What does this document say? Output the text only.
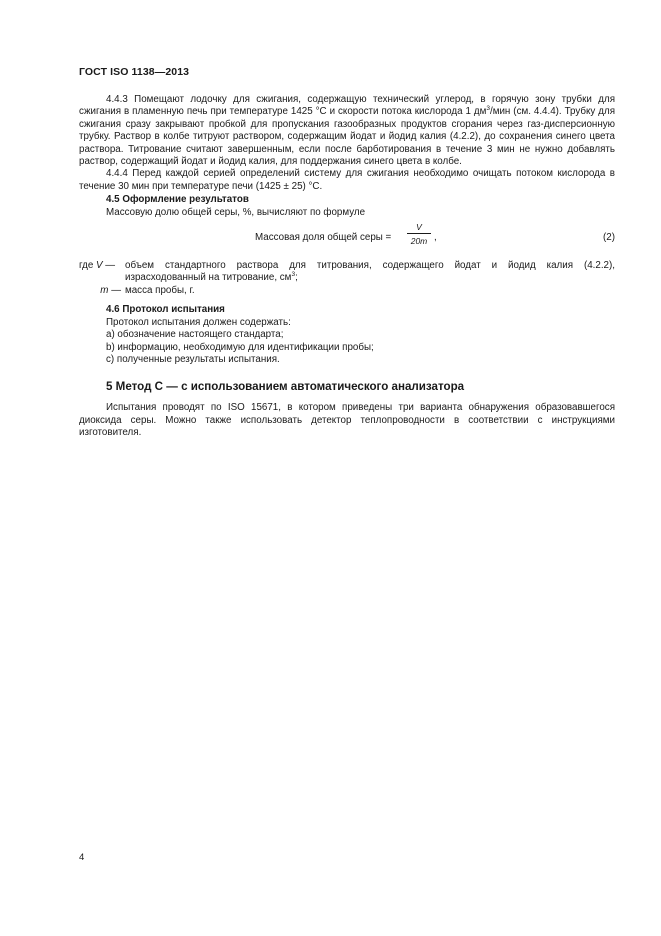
ГОСТ ISO 1138—2013

4.4.3 Помещают лодочку для сжигания, содержащую технический углерод, в горячую зону трубки для сжигания в пламенную печь при температуре 1425 °С и скорости потока кислорода 1 $дм^3$/мин (см. 4.4.4). Трубку для сжигания сразу закрывают пробкой для пропускания газообразных продуктов сгорания через газ-дисперсионную трубку. Раствор в колбе титруют раствором, содержащим йодат и йодид калия (4.2.2), до сохранения синего цвета раствора. Титрование считают завершенным, если после барботирования в течение 3 мин не нужно добавлять раствор, содержащий йодат и йодид калия, для поддержания синего цвета в колбе.

4.4.4 Перед каждой серией определений систему для сжигания необходимо очищать потоком кислорода в течение 30 мин при температуре печи (1425 ± 25) °С.

4.5 Оформление результатов

Массовую долю общей серы, %, вычисляют по формуле

Массовая доля общей серы = $\frac{V}{20m}$ ,	(2)
где V —	объем стандартного раствора для титрования, содержащего йодат и йодид калия (4.2.2), израсходованный на титрование, $см^3$;
m — масса пробы, г.

4.6 Протокол испытания

Протокол испытания должен содержать:

a) обозначение настоящего стандарта;

b) информацию, необходимую для идентификации пробы;

c) полученные результаты испытания.

5 Метод С — с использованием автоматического анализатора

Испытания проводят по ISO 15671, в котором приведены три варианта обнаружения образовавшегося диоксида серы. Можно также использовать детектор теплопроводности в соответствии с инструкциями изготовителя.

4
